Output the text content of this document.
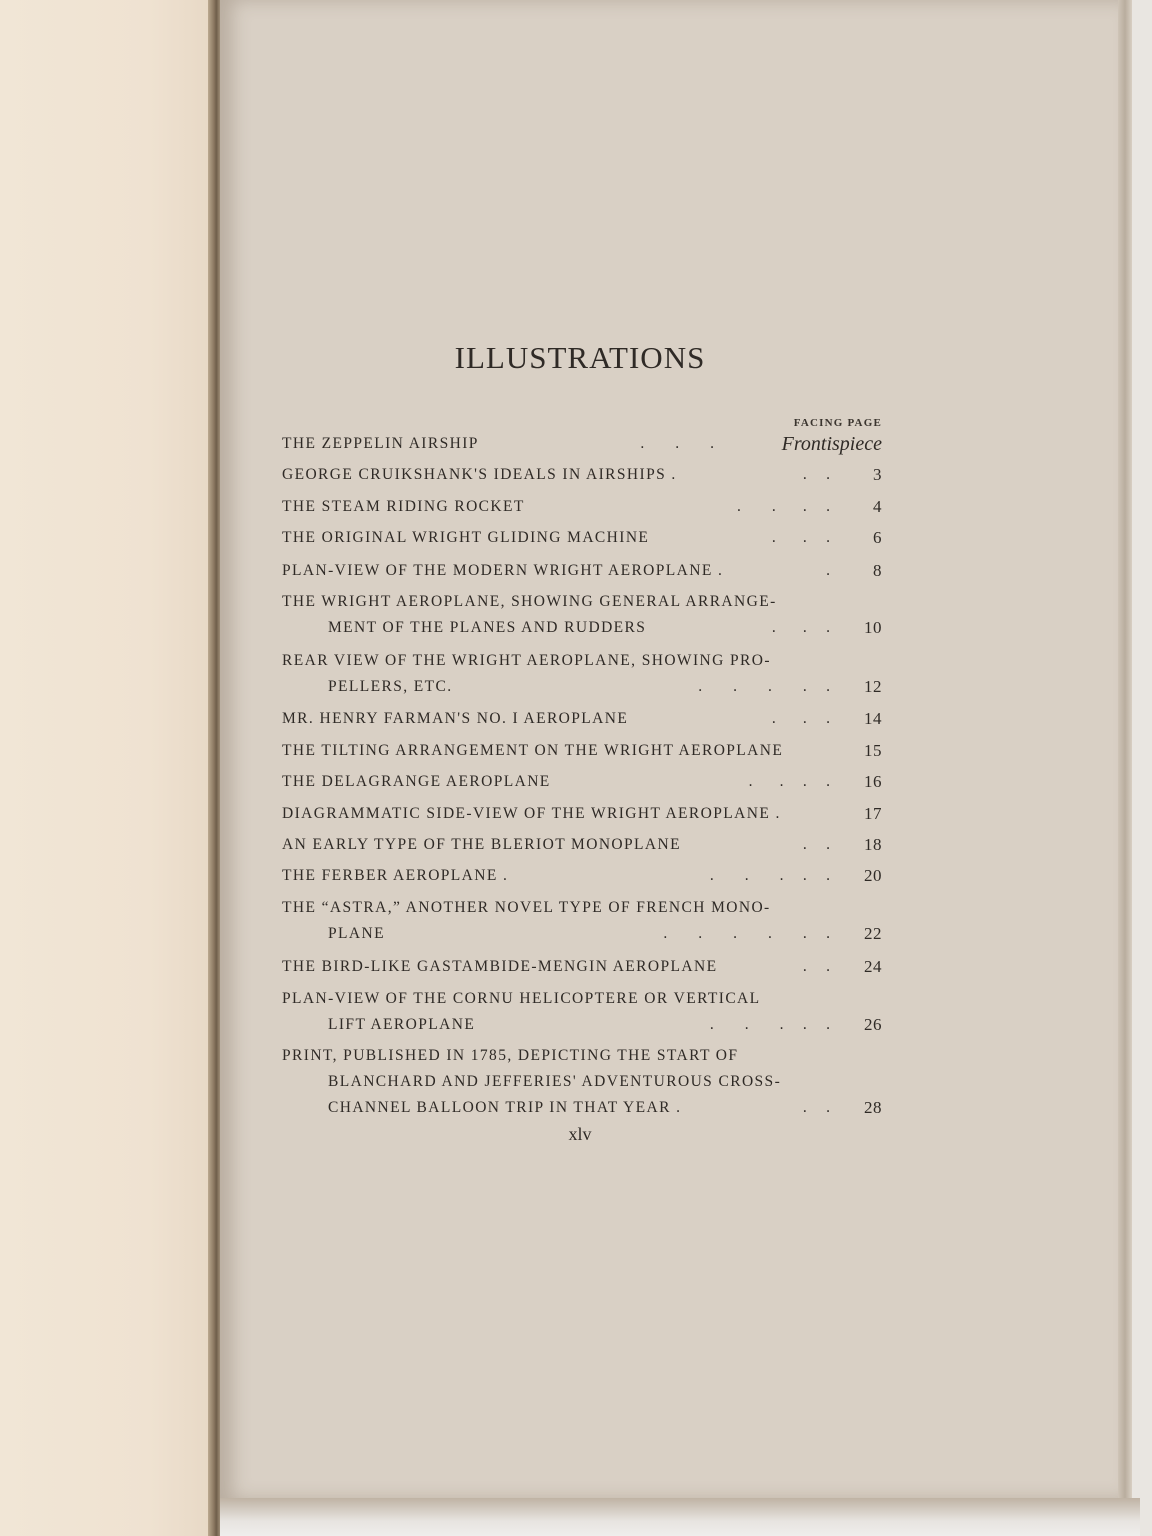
ILLUSTRATIONS
FACING PAGE
THE ZEPPELIN AIRSHIP	.        .        .	Frontispiece
GEORGE CRUIKSHANK'S IDEALS IN AIRSHIPS .	.     .	3
THE STEAM RIDING ROCKET	.        .       .     .	4
THE ORIGINAL WRIGHT GLIDING MACHINE	.       .     .	6
PLAN-VIEW OF THE MODERN WRIGHT AEROPLANE .	.	8
THE WRIGHT AEROPLANE, SHOWING GENERAL ARRANGE-
MENT OF THE PLANES AND RUDDERS	.       .     .	10
REAR VIEW OF THE WRIGHT AEROPLANE, SHOWING PRO-
PELLERS, ETC.	.        .        .        .     .	12
MR. HENRY FARMAN'S NO. I AEROPLANE	.       .     .	14
THE TILTING ARRANGEMENT ON THE WRIGHT AEROPLANE	15
THE DELAGRANGE AEROPLANE	.       .     .     .	16
DIAGRAMMATIC SIDE-VIEW OF THE WRIGHT AEROPLANE .	17
AN EARLY TYPE OF THE BLERIOT MONOPLANE	.     .	18
THE FERBER AEROPLANE .	.        .        .     .     .	20
THE “ASTRA,” ANOTHER NOVEL TYPE OF FRENCH MONO-
PLANE	.        .        .        .        .     .	22
THE BIRD-LIKE GASTAMBIDE-MENGIN AEROPLANE	.     .	24
PLAN-VIEW OF THE CORNU HELICOPTERE OR VERTICAL
LIFT AEROPLANE	.        .        .     .     .	26
PRINT, PUBLISHED IN 1785, DEPICTING THE START OF
BLANCHARD AND JEFFERIES' ADVENTUROUS CROSS-
CHANNEL BALLOON TRIP IN THAT YEAR .	.     .	28
xlv
